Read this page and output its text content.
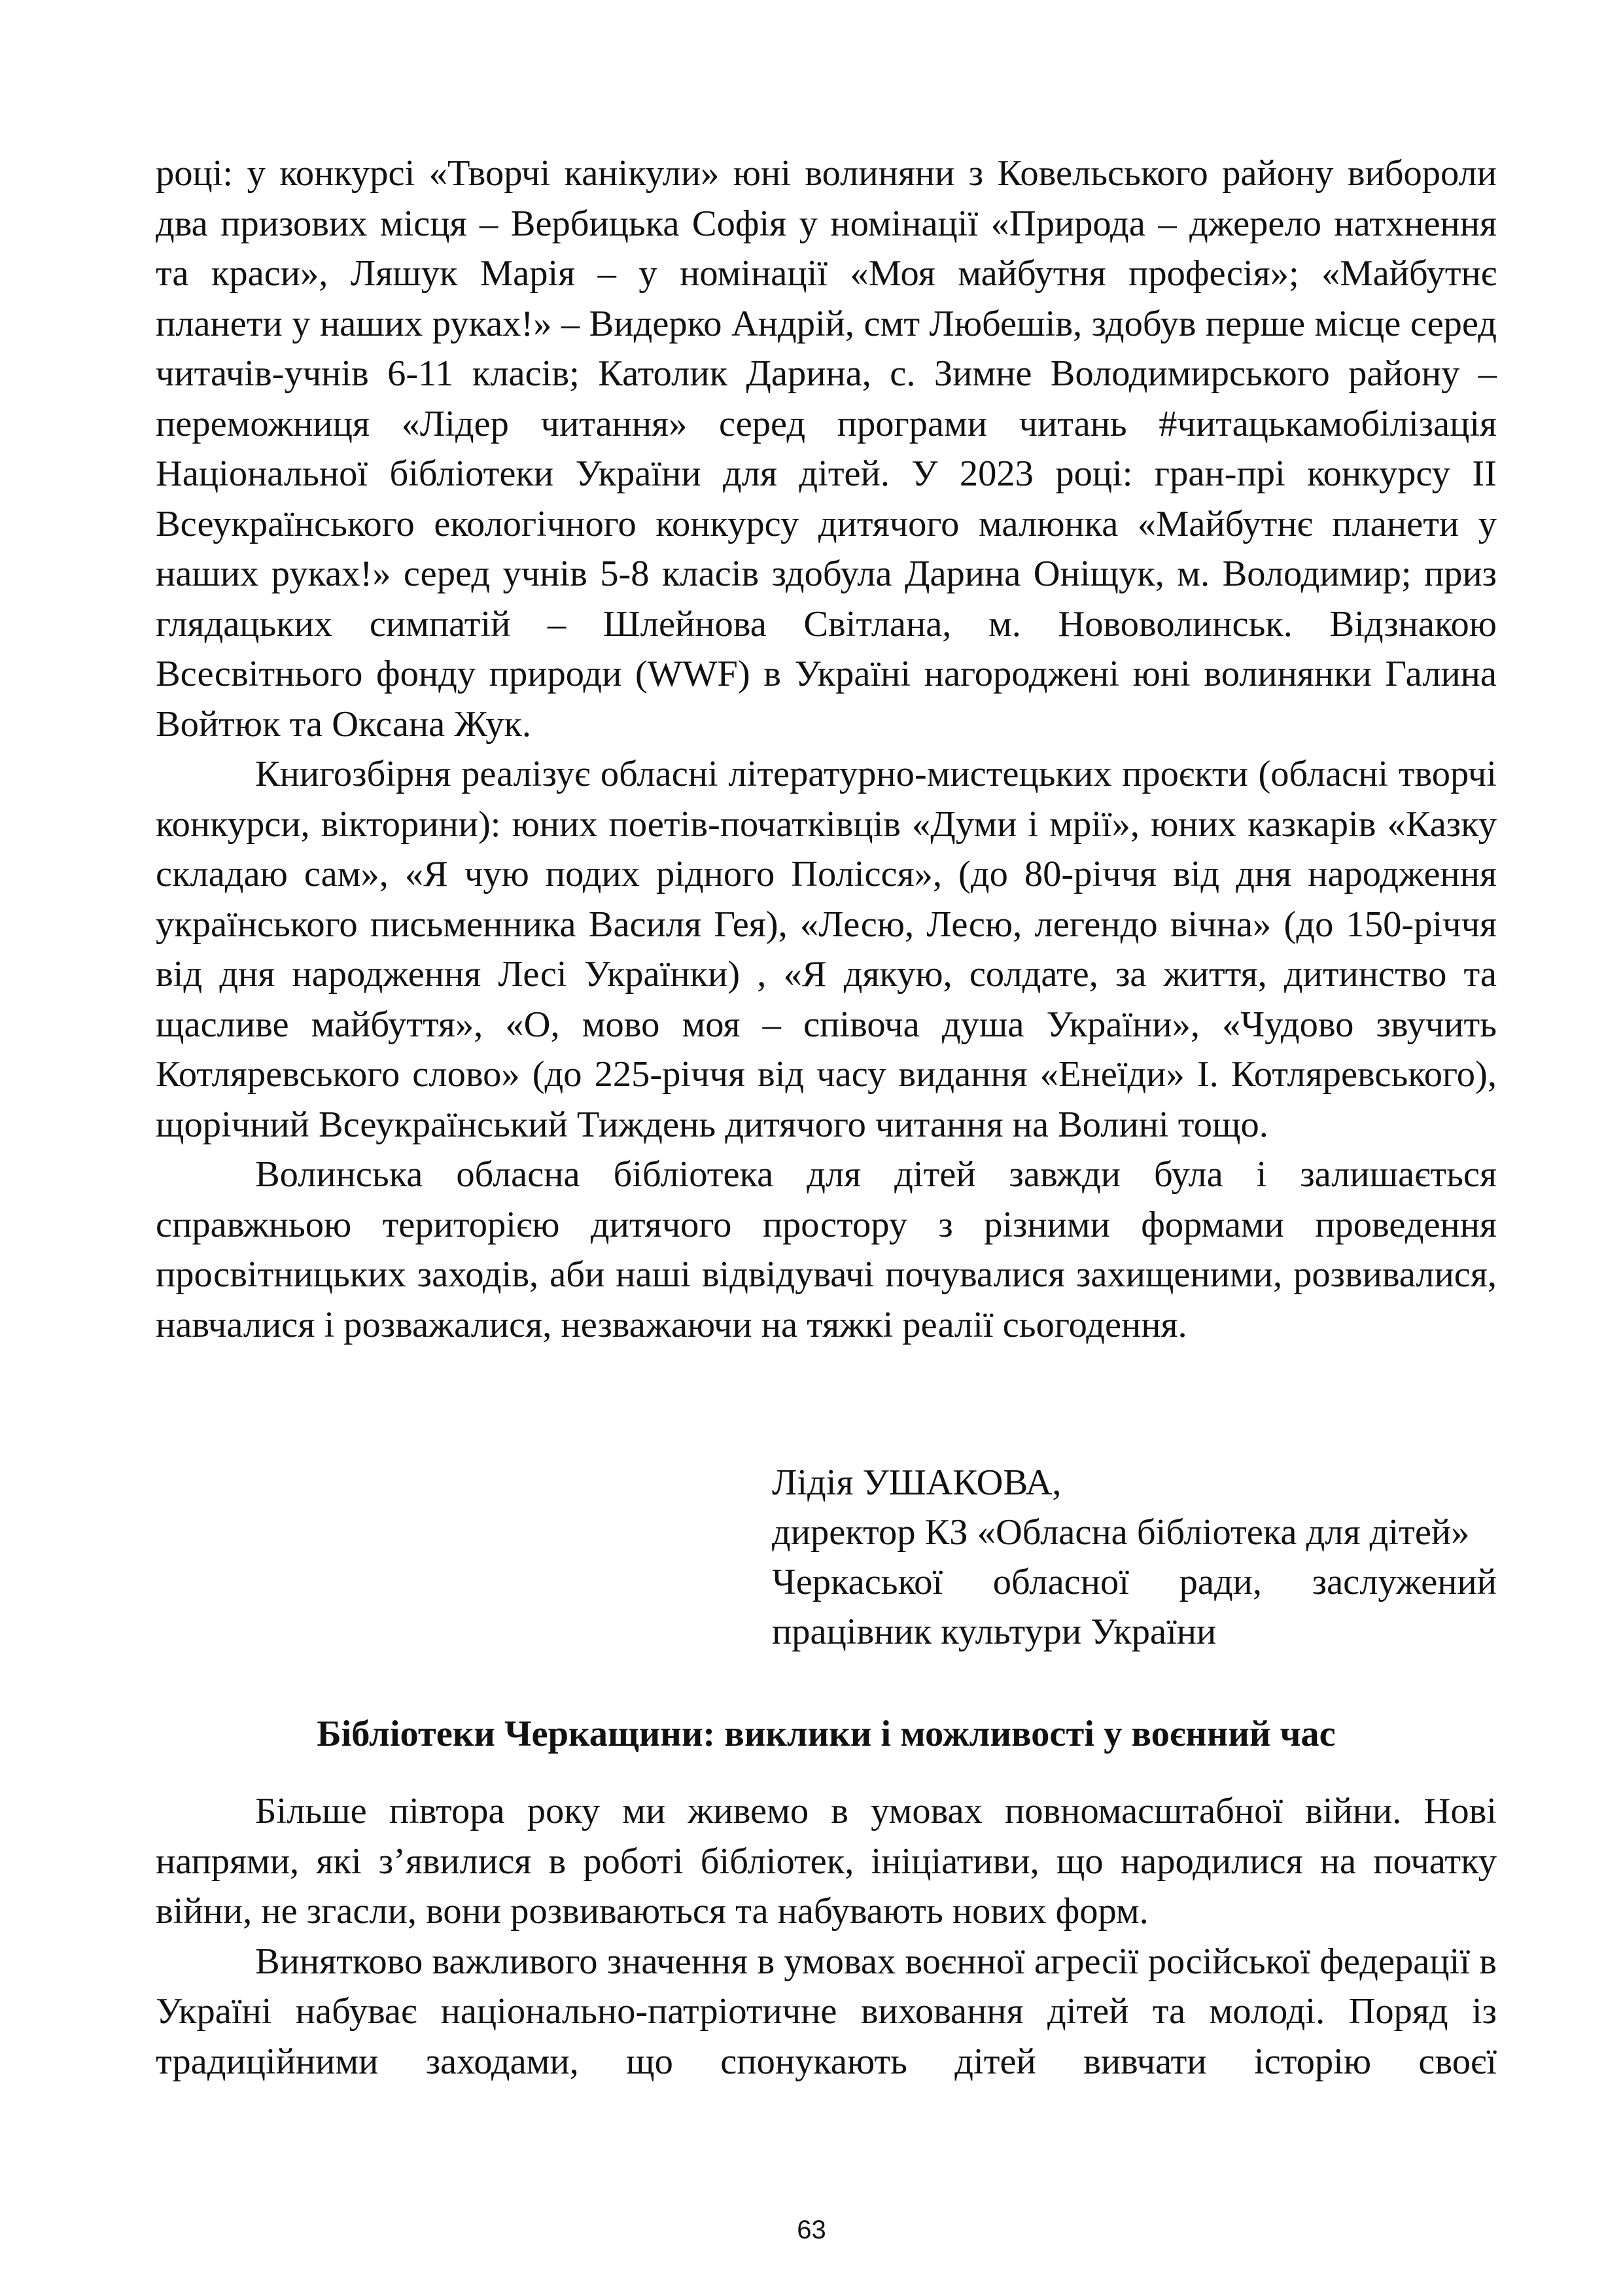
році: у конкурсі «Творчі канікули» юні волиняни з Ковельського району вибороли два призових місця – Вербицька Софія у номінації «Природа – джерело натхнення та краси», Ляшук Марія – у номінації «Моя майбутня професія»; «Майбутнє планети у наших руках!» – Видерко Андрій, смт Любешів, здобув перше місце серед читачів-учнів 6-11 класів; Католик Дарина, с. Зимне Володимирського району – переможниця «Лідер читання» серед програми читань #читацькамобілізація Національної бібліотеки України для дітей. У 2023 році: гран-прі конкурсу ІІ Всеукраїнського екологічного конкурсу дитячого малюнка «Майбутнє планети у наших руках!» серед учнів 5-8 класів здобула Дарина Оніщук, м. Володимир; приз глядацьких симпатій – Шлейнова Світлана, м. Нововолинськ. Відзнакою Всесвітнього фонду природи (WWF) в Україні нагороджені юні волинянки Галина Войтюк та Оксана Жук.

Книгозбірня реалізує обласні літературно-мистецьких проєкти (обласні творчі конкурси, вікторини): юних поетів-початківців «Думи і мрії», юних казкарів «Казку складаю сам», «Я чую подих рідного Полісся», (до 80-річчя від дня народження українського письменника Василя Гея), «Лесю, Лесю, легендо вічна» (до 150-річчя від дня народження Лесі Українки) , «Я дякую, солдате, за життя, дитинство та щасливе майбуття», «О, мово моя – співоча душа України», «Чудово звучить Котляревського слово» (до 225-річчя від часу видання «Енеїди» І. Котляревського), щорічний Всеукраїнський Тиждень дитячого читання на Волині тощо.

Волинська обласна бібліотека для дітей завжди була і залишається справжньою територією дитячого простору з різними формами проведення просвітницьких заходів, аби наші відвідувачі почувалися захищеними, розвивалися, навчалися і розважалися, незважаючи на тяжкі реалії сьогодення.

Лідія УШАКОВА,
директор КЗ «Обласна бібліотека для дітей»
Черкаської обласної ради, заслужений
працівник культури України
Бібліотеки Черкащини: виклики і можливості у воєнний час

Більше півтора року ми живемо в умовах повномасштабної війни. Нові напрями, які з’явилися в роботі бібліотек, ініціативи, що народилися на початку війни, не згасли, вони розвиваються та набувають нових форм.

Винятково важливого значення в умовах воєнної агресії російської федерації в Україні набуває національно-патріотичне виховання дітей та молоді. Поряд із традиційними заходами, що спонукають дітей вивчати історію своєї

63
